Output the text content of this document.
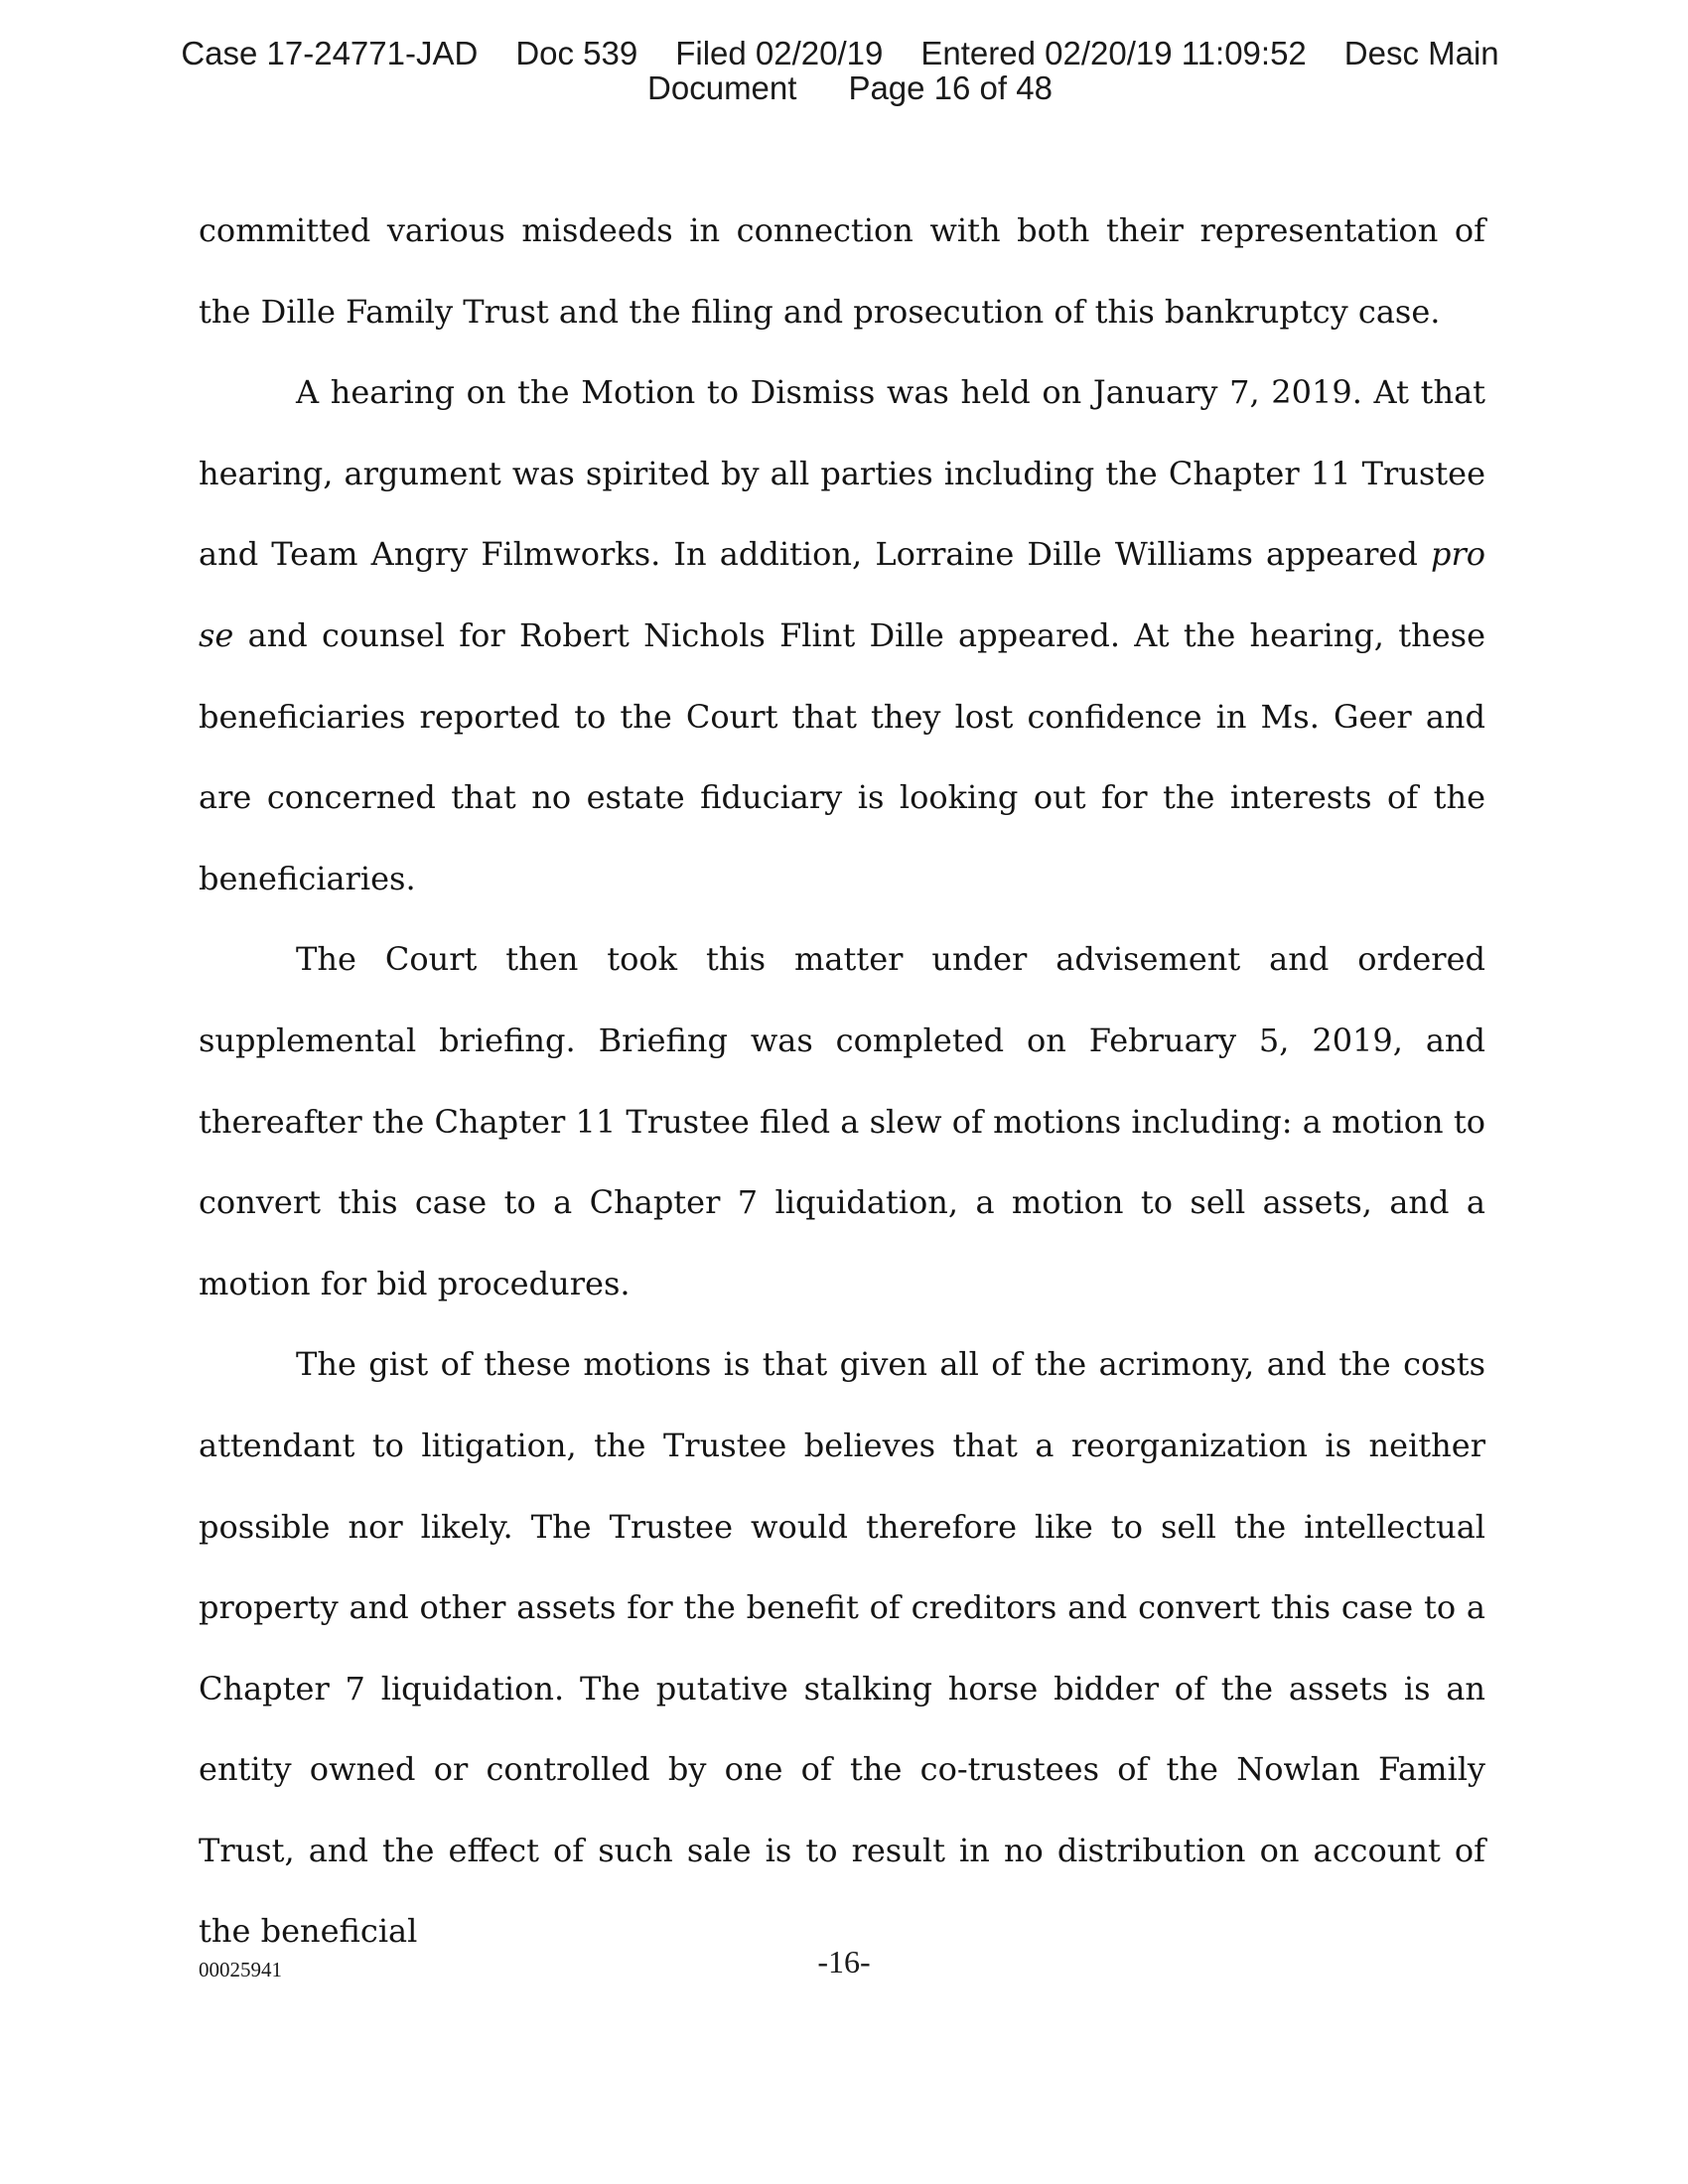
Case 17-24771-JAD Doc 539 Filed 02/20/19 Entered 02/20/19 11:09:52 Desc Main
Document Page 16 of 48

committed various misdeeds in connection with both their representation of the Dille Family Trust and the filing and prosecution of this bankruptcy case.

A hearing on the Motion to Dismiss was held on January 7, 2019. At that hearing, argument was spirited by all parties including the Chapter 11 Trustee and Team Angry Filmworks. In addition, Lorraine Dille Williams appeared pro se and counsel for Robert Nichols Flint Dille appeared. At the hearing, these beneficiaries reported to the Court that they lost confidence in Ms. Geer and are concerned that no estate fiduciary is looking out for the interests of the beneficiaries.

The Court then took this matter under advisement and ordered supplemental briefing. Briefing was completed on February 5, 2019, and thereafter the Chapter 11 Trustee filed a slew of motions including: a motion to convert this case to a Chapter 7 liquidation, a motion to sell assets, and a motion for bid procedures.

The gist of these motions is that given all of the acrimony, and the costs attendant to litigation, the Trustee believes that a reorganization is neither possible nor likely. The Trustee would therefore like to sell the intellectual property and other assets for the benefit of creditors and convert this case to a Chapter 7 liquidation. The putative stalking horse bidder of the assets is an entity owned or controlled by one of the co-trustees of the Nowlan Family Trust, and the effect of such sale is to result in no distribution on account of the beneficial

00025941	-16-
